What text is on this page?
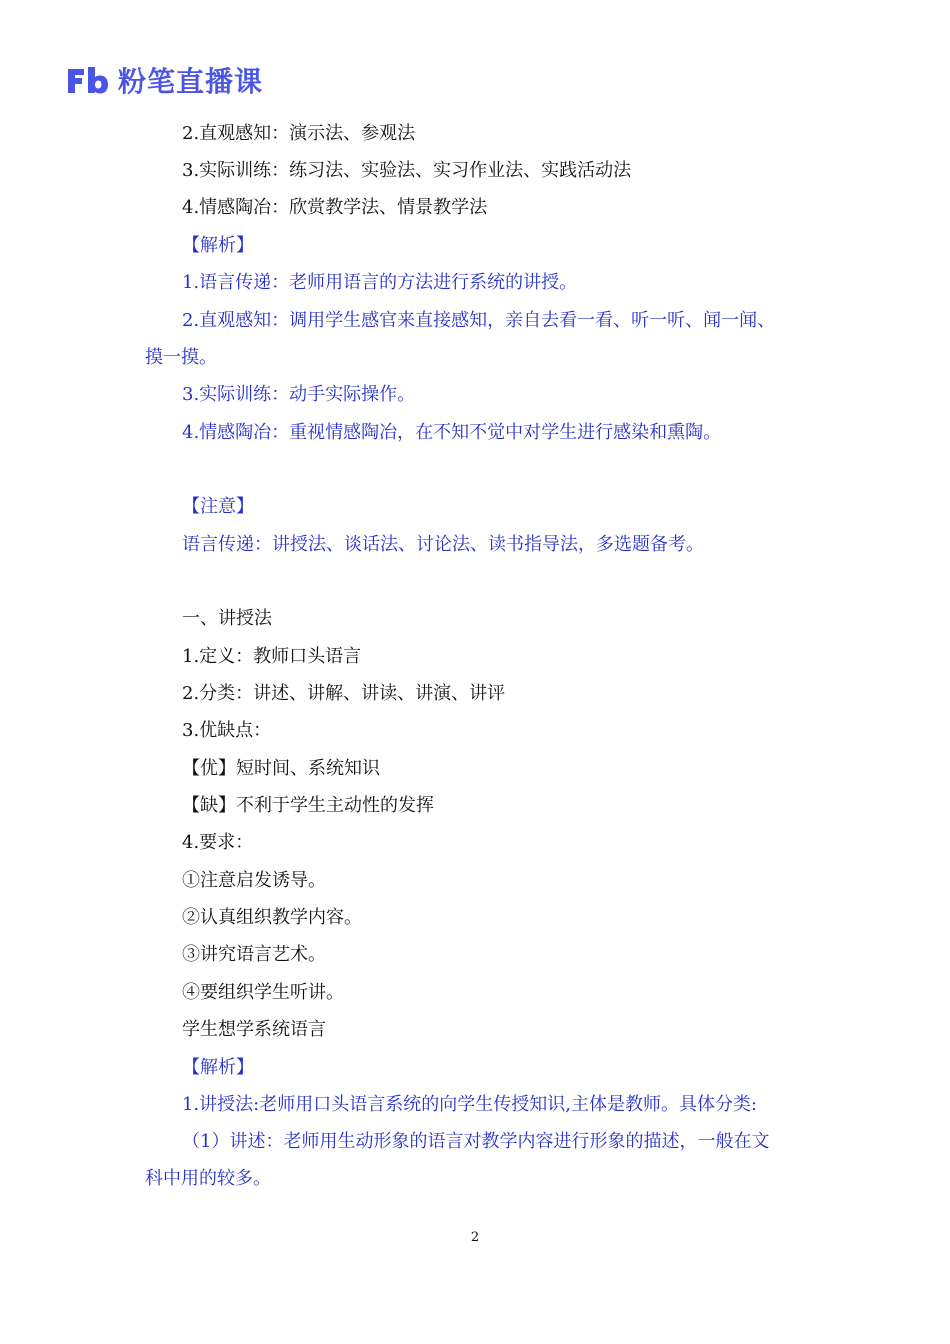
粉笔直播课
2.直观感知：演示法、参观法
3.实际训练：练习法、实验法、实习作业法、实践活动法
4.情感陶冶：欣赏教学法、情景教学法
【解析】
1.语言传递：老师用语言的方法进行系统的讲授。
2.直观感知：调用学生感官来直接感知，亲自去看一看、听一听、闻一闻、
摸一摸。
3.实际训练：动手实际操作。
4.情感陶冶：重视情感陶冶，在不知不觉中对学生进行感染和熏陶。
【注意】
语言传递：讲授法、谈话法、讨论法、读书指导法，多选题备考。
一、讲授法
1.定义：教师口头语言
2.分类：讲述、讲解、讲读、讲演、讲评
3.优缺点：
【优】短时间、系统知识
【缺】不利于学生主动性的发挥
4.要求：
①注意启发诱导。
②认真组织教学内容。
③讲究语言艺术。
④要组织学生听讲。
学生想学系统语言
【解析】
1.讲授法:老师用口头语言系统的向学生传授知识,主体是教师。具体分类:
（1）讲述：老师用生动形象的语言对教学内容进行形象的描述，一般在文
科中用的较多。
2
